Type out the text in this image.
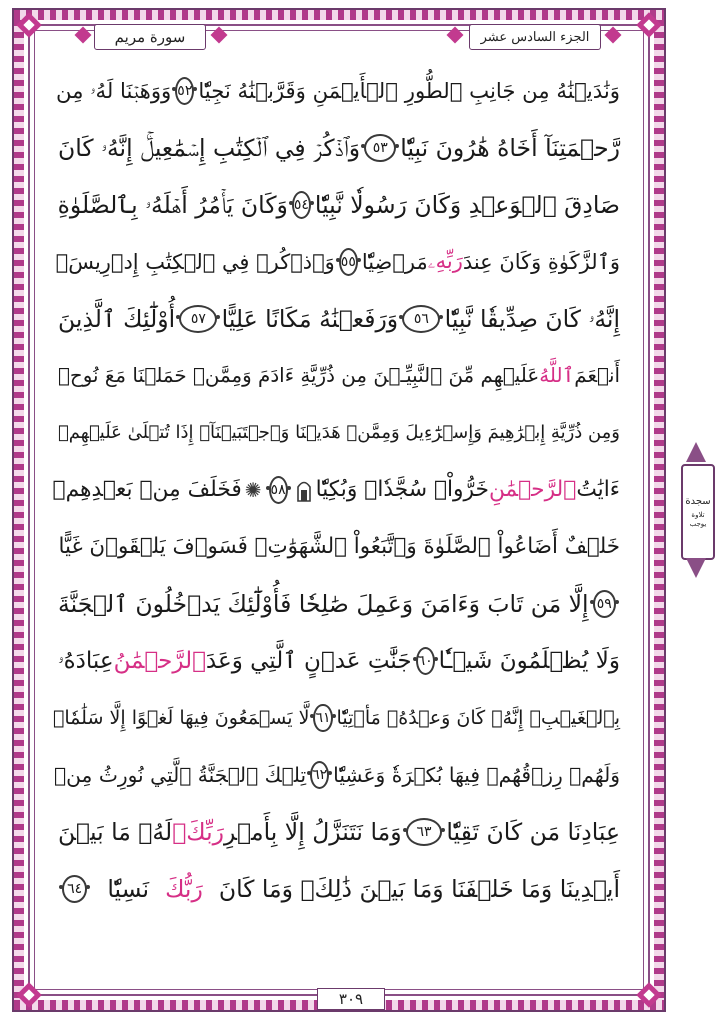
سورة مريم	الجزء السادس عشر
٣٠٩
وَنَٰدَيۡنَٰهُ مِن جَانِبِ ٱلطُّورِ ٱلۡأَيۡمَنِ وَقَرَّبۡنَٰهُ نَجِيّٗا
٥٢
وَوَهَبۡنَا لَهُۥ مِن
رَّحۡمَتِنَآ أَخَاهُ هَٰرُونَ نَبِيّٗا
٥٣
وَٱذۡكُرۡ فِي ٱلۡكِتَٰبِ إِسۡمَٰعِيلَۚ إِنَّهُۥ كَانَ
صَادِقَ ٱلۡوَعۡدِ وَكَانَ رَسُولٗا نَّبِيّٗا
٥٤
وَكَانَ يَأۡمُرُ أَهۡلَهُۥ بِٱلصَّلَوٰةِ
وَٱلزَّكَوٰةِ وَكَانَ عِندَ
رَبِّهِۦ
مَرۡضِيّٗا
٥٥
وَٱذۡكُرۡ فِي ٱلۡكِتَٰبِ إِدۡرِيسَۚ
إِنَّهُۥ كَانَ صِدِّيقٗا نَّبِيّٗا
٥٦
وَرَفَعۡنَٰهُ مَكَانًا عَلِيًّا
٥٧
أُوْلَٰٓئِكَ ٱلَّذِينَ
أَنۡعَمَ
ٱللَّهُ
عَلَيۡهِم مِّنَ ٱلنَّبِيِّـۧنَ مِن ذُرِّيَّةِ ءَادَمَ وَمِمَّنۡ حَمَلۡنَا مَعَ نُوحٖ
وَمِن ذُرِّيَّةِ إِبۡرَٰهِيمَ وَإِسۡرَٰٓءِيلَ وَمِمَّنۡ هَدَيۡنَا وَٱجۡتَبَيۡنَآۚ إِذَا تُتۡلَىٰ عَلَيۡهِمۡ
ءَايَٰتُ
ٱلرَّحۡمَٰنِ
خَرُّواْۤ سُجَّدٗاۤ وَبُكِيّٗا
٥٨
✺
فَخَلَفَ مِنۢ بَعۡدِهِمۡ
خَلۡفٌ أَضَاعُواْ ٱلصَّلَوٰةَ وَٱتَّبَعُواْ ٱلشَّهَوَٰتِۖ فَسَوۡفَ يَلۡقَوۡنَ غَيًّا
٥٩
إِلَّا مَن تَابَ وَءَامَنَ وَعَمِلَ صَٰلِحٗا فَأُوْلَٰٓئِكَ يَدۡخُلُونَ ٱلۡجَنَّةَ
وَلَا يُظۡلَمُونَ شَيۡـٔٗا
٦٠
جَنَّٰتِ عَدۡنٍ ٱلَّتِي وَعَدَ
ٱلرَّحۡمَٰنُ
عِبَادَهُۥ
بِٱلۡغَيۡبِۚ إِنَّهُۥ كَانَ وَعۡدُهُۥ مَأۡتِيّٗا
٦١
لَّا يَسۡمَعُونَ فِيهَا لَغۡوًا إِلَّا سَلَٰمٗاۖ
وَلَهُمۡ رِزۡقُهُمۡ فِيهَا بُكۡرَةٗ وَعَشِيّٗا
٦٢
تِلۡكَ ٱلۡجَنَّةُ ٱلَّتِي نُورِثُ مِنۡ
عِبَادِنَا مَن كَانَ تَقِيّٗا
٦٣
وَمَا نَتَنَزَّلُ إِلَّا بِأَمۡرِ
رَبِّكَۖ
لَهُۥ مَا بَيۡنَ
أَيۡدِينَا وَمَا خَلۡفَنَا وَمَا بَيۡنَ ذَٰلِكَۚ وَمَا كَانَ
رَبُّكَ
نَسِيّٗا
٦٤
سجدة
تلاوة يوجب
